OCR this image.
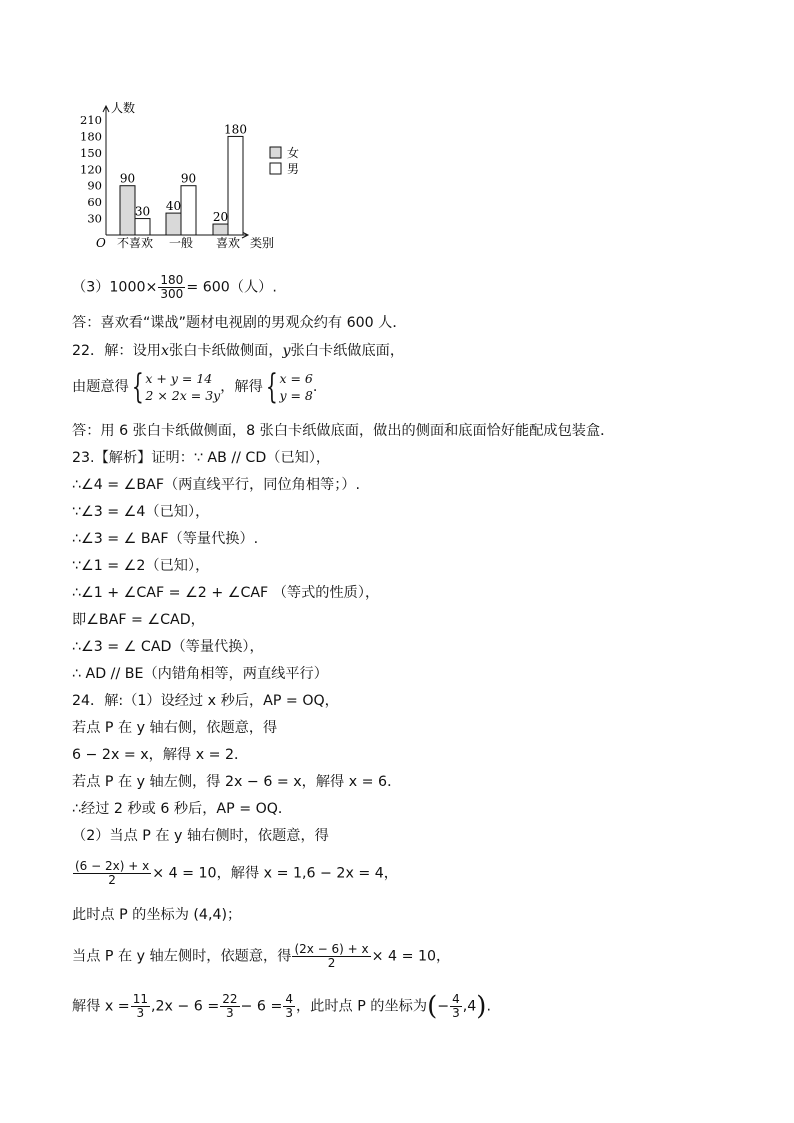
人数
类别
O
30
60
90
120
150
180
210
90
30
不喜欢
40
90
一般
20
180
喜欢
女
男
$(3)1000\times \frac{180}{300} = 600$（人）.
答：喜欢看“谍战”题材电视剧的男观众约有 600 人．
22．解：设用x张白卡纸做侧面，y张白卡纸做底面，
由题意得 { x + y = 14
2 × 2x = 3y
，解得 { x = 6
y = 8
.
答：用 6 张白卡纸做侧面，8 张白卡纸做底面，做出的侧面和底面恰好能配成包装盒．
23.【解析】证明：∵ AB // CD（已知），
∴∠4 = ∠BAF（两直线平行，同位角相等；）.
∵∠3 = ∠4（已知），
∴∠3 = ∠ BAF（等量代换）.
∵∠1 = ∠2（已知），
∴∠1 + ∠CAF = ∠2 + ∠CAF （等式的性质），
即∠BAF = ∠CAD，
∴∠3 = ∠ CAD（等量代换），
∴ AD // BE（内错角相等，两直线平行）
24．解:（1）设经过 x 秒后，AP = OQ，
若点 P 在 y 轴右侧，依题意，得
6 − 2x = x，解得 x = 2．
若点 P 在 y 轴左侧，得 2x − 6 = x，解得 x = 6．
∴经过 2 秒或 6 秒后，AP = OQ．
（2）当点 P 在 y 轴右侧时，依题意，得
$\frac{(6 - 2x) + x}{2} \times 4 = 10$，解得 x = 1,6 − 2x = 4，
此时点 P 的坐标为 (4,4)；
当点 P 在 y 轴左侧时，依题意，得 $\frac{(2x - 6) + x}{2} \times 4 = 10$，
解得 $x = \frac{11}{3} ,2x - 6 = \frac{22}{3} - 6 = \frac{4}{3}$ ，此时点 P 的坐标为(− $\frac{4}{3} ,4$).
